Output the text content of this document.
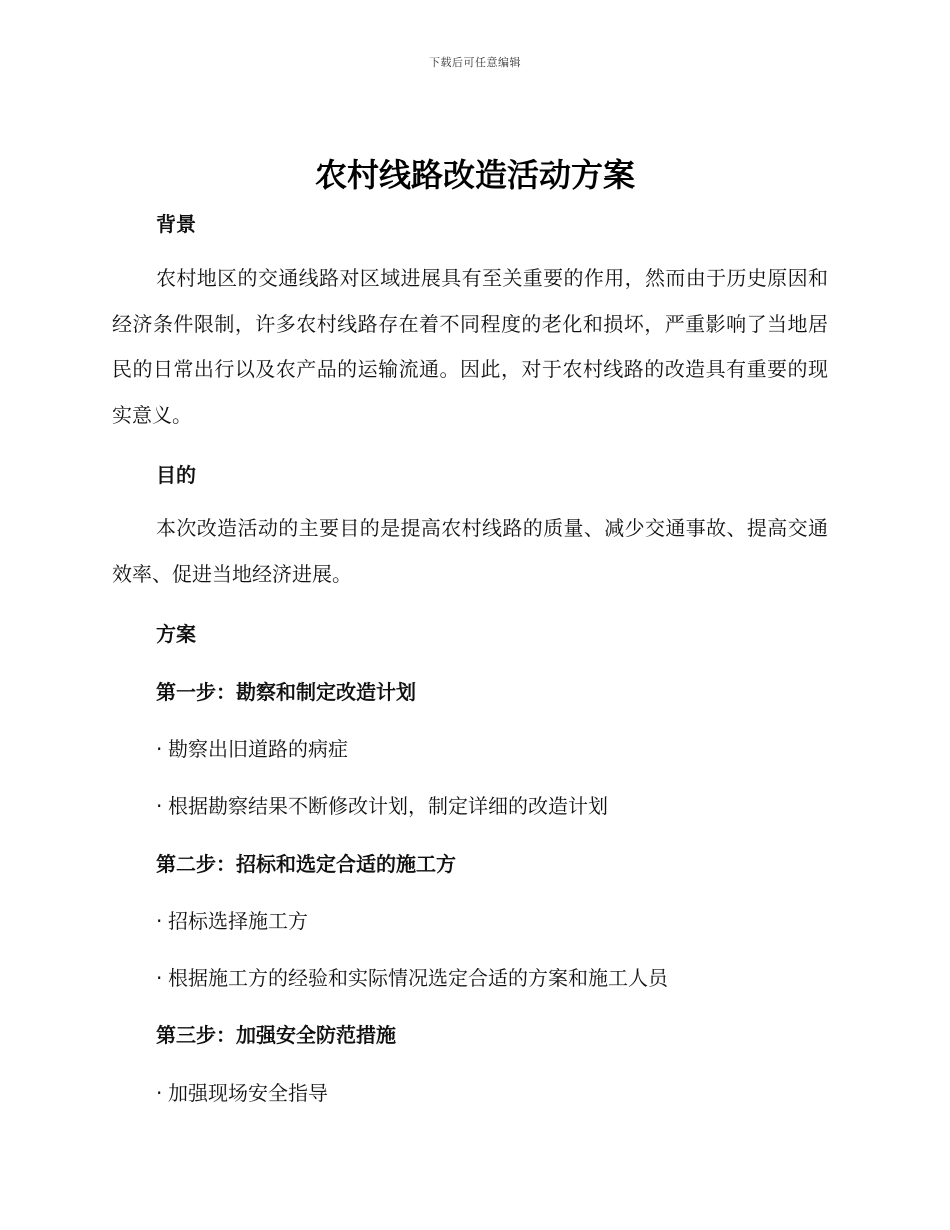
下载后可任意编辑
农村线路改造活动方案
背景
农村地区的交通线路对区域进展具有至关重要的作用，然而由于历史原因和经济条件限制，许多农村线路存在着不同程度的老化和损坏，严重影响了当地居民的日常出行以及农产品的运输流通。因此，对于农村线路的改造具有重要的现实意义。
目的
本次改造活动的主要目的是提高农村线路的质量、减少交通事故、提高交通效率、促进当地经济进展。
方案
第一步：勘察和制定改造计划
· 勘察出旧道路的病症
· 根据勘察结果不断修改计划，制定详细的改造计划
第二步：招标和选定合适的施工方
· 招标选择施工方
· 根据施工方的经验和实际情况选定合适的方案和施工人员
第三步：加强安全防范措施
· 加强现场安全指导
